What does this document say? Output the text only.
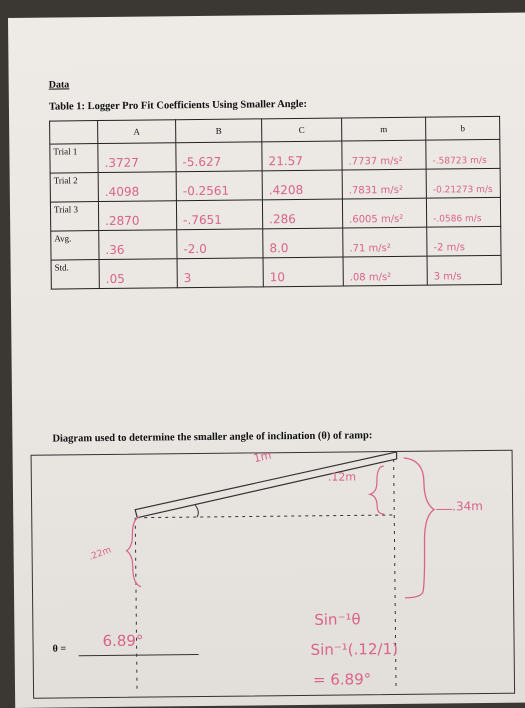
Data
Table 1: Logger Pro Fit Coefficients Using Smaller Angle:
	A	B	C	m	b
Trial 1	.3727	-5.627	21.57	.7737 m/s²	-.58723 m/s
Trial 2	.4098	-0.2561	.4208	.7831 m/s²	-0.21273 m/s
Trial 3	.2870	-.7651	.286	.6005 m/s²	-.0586 m/s
Avg.	.36	-2.0	8.0	.71 m/s²	-2 m/s
Std.	.05	3	10	.08 m/s²	3 m/s
Diagram used to determine the smaller angle of inclination (θ) of ramp:
1m
.12m
.34m
.22m
θ = 6.89°
Sin⁻¹θ
Sin⁻¹(.12/1)
= 6.89°
